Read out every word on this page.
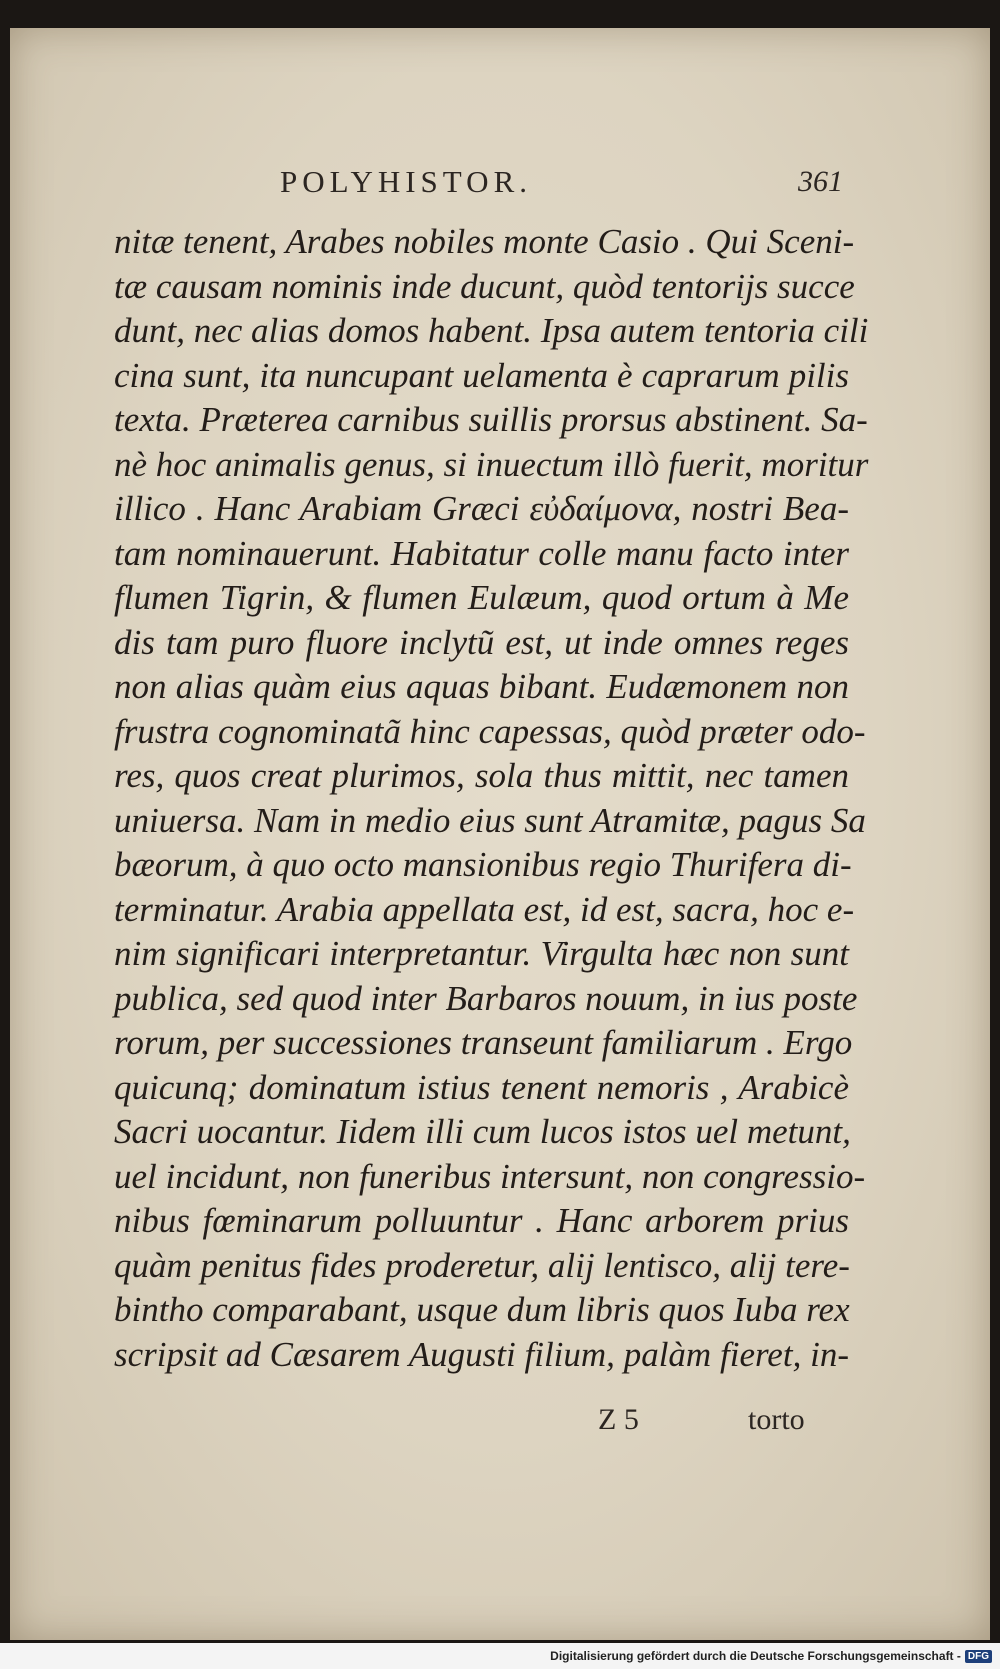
POLYHISTOR.	361
nitæ tenent, Arabes nobiles monte Casio . Qui Sceni-
tæ causam nominis inde ducunt, quòd tentorijs succe
dunt, nec alias domos habent. Ipsa autem tentoria cili
cina sunt, ita nuncupant uelamenta è caprarum pilis
texta. Præterea carnibus suillis prorsus abstinent. Sa-
nè hoc animalis genus, si inuectum illò fuerit, moritur
illico . Hanc Arabiam Græci εὐδαίμονα, nostri Bea-
tam nominauerunt. Habitatur colle manu facto inter
flumen Tigrin, & flumen Eulæum, quod ortum à Me
dis tam puro fluore inclytũ est, ut inde omnes reges
non alias quàm eius aquas bibant. Eudæmonem non
frustra cognominatã hinc capessas, quòd præter odo-
res, quos creat plurimos, sola thus mittit, nec tamen
uniuersa. Nam in medio eius sunt Atramitæ, pagus Sa
bæorum, à quo octo mansionibus regio Thurifera di-
terminatur. Arabia appellata est, id est, sacra, hoc e-
nim significari interpretantur. Virgulta hæc non sunt
publica, sed quod inter Barbaros nouum, in ius poste
rorum, per successiones transeunt familiarum . Ergo
quicunq; dominatum istius tenent nemoris , Arabicè
Sacri uocantur. Iidem illi cum lucos istos uel metunt,
uel incidunt, non funeribus intersunt, non congressio-
nibus fœminarum polluuntur . Hanc arborem prius
quàm penitus fides proderetur, alij lentisco, alij tere-
bintho comparabant, usque dum libris quos Iuba rex
scripsit ad Cæsarem Augusti filium, palàm fieret, in-
Z 5	torto
Digitalisierung gefördert durch die Deutsche Forschungsgemeinschaft - DFG
